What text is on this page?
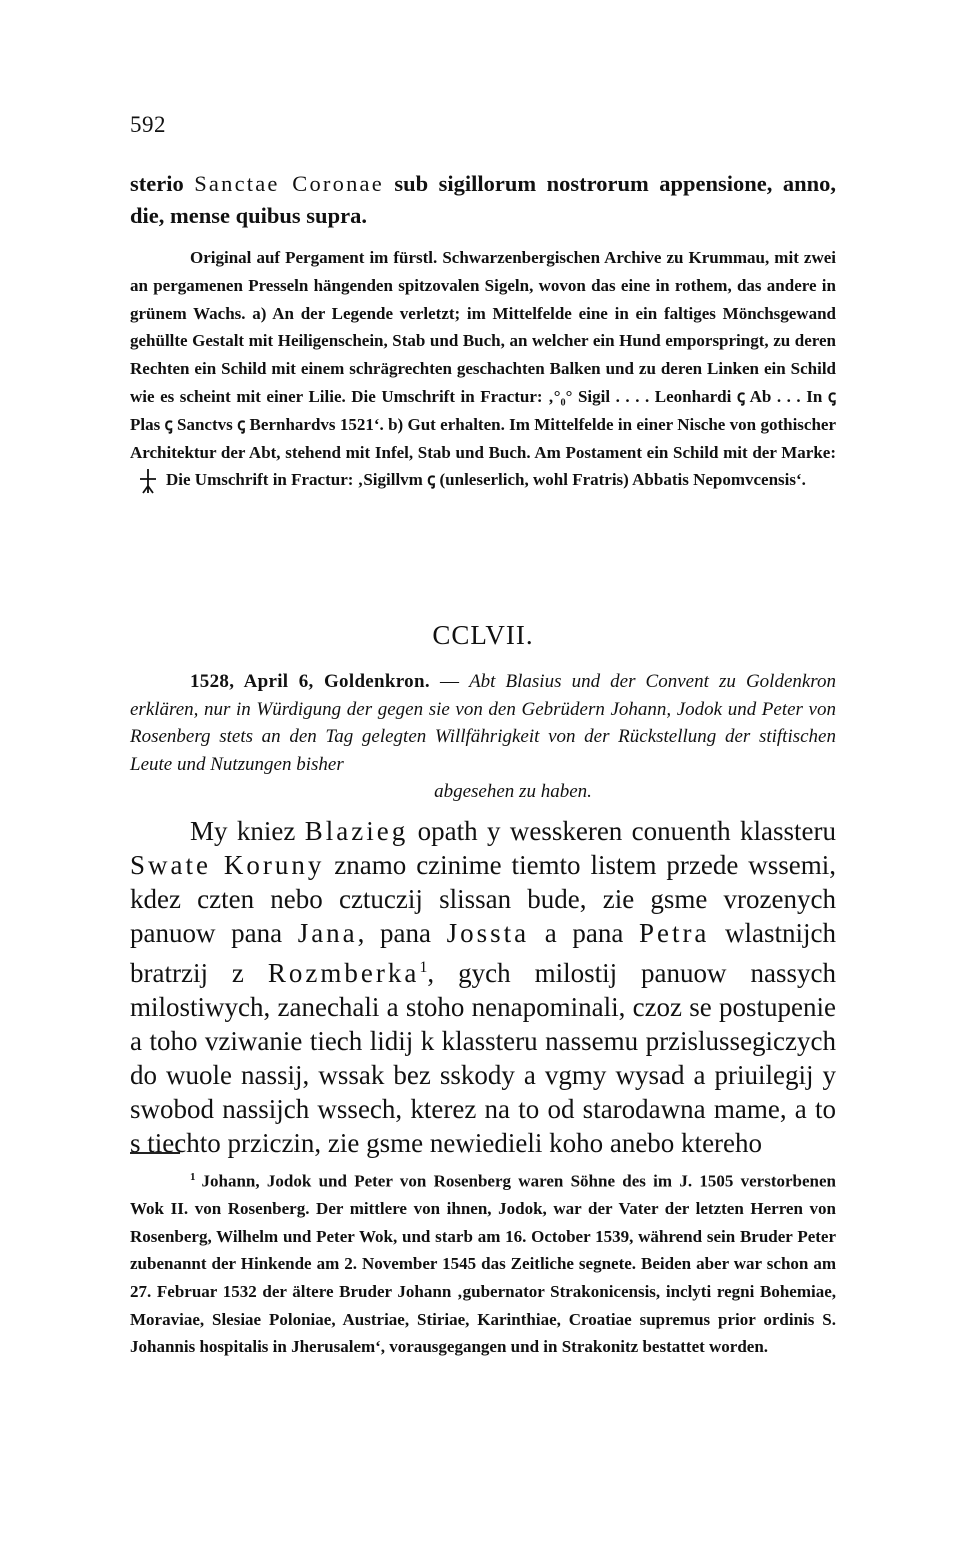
592
sterio Sanctae Coronae sub sigillorum nostrorum appensione, anno, die, mense quibus supra.
Original auf Pergament im fürstl. Schwarzenbergischen Archive zu Krummau, mit zwei an pergamenen Presseln hängenden spitzovalen Sigeln, wovon das eine in rothem, das andere in grünem Wachs. a) An der Legende verletzt; im Mittelfelde eine in ein faltiges Mönchsgewand gehüllte Gestalt mit Heiligenschein, Stab und Buch, an welcher ein Hund emporspringt, zu deren Rechten ein Schild mit einem schrägrechten geschachten Balken und zu deren Linken ein Schild wie es scheint mit einer Lilie. Die Umschrift in Fractur: ‚°₀° Sigil . . . . Leonhardi ꞔ Ab . . . In ꞔ Plas ꞔ Sanctvs ꞔ Bernhardvs 1521‘. b) Gut erhalten. Im Mittelfelde in einer Nische von gothischer Architektur der Abt, stehend mit Infel, Stab und Buch. Am Postament ein Schild mit der Marke:Die Umschrift in Fractur: ‚Sigillvm ꞔ (unleserlich, wohl Fratris) Abbatis Nepomvcensis‘.
CCLVII.
1528, April 6, Goldenkron. — Abt Blasius und der Convent zu Goldenkron erklären, nur in Würdigung der gegen sie von den Gebrüdern Johann, Jodok und Peter von Rosenberg stets an den Tag gelegten Willfährigkeit von der Rückstellung der stiftischen Leute und Nutzungen bisher
abgesehen zu haben.
My kniez Blazieg opath y wesskeren conuenth klassteru Swate Koruny znamo czinime tiemto listem przede wssemi, kdez czten nebo cztuczij slissan bude, zie gsme vrozenych panuow pana Jana, pana Jossta a pana Petra wlastnijch bratrzij z Rozmberka$^1$, gych milostij panuow nassych milostiwych, zanechali a stoho nenapominali, czoz se postupenie a toho vziwanie tiech lidij k klassteru nassemu przislussegiczych do wuole nassij, wssak bez sskody a vgmy wysad a priuilegij y swobod nassijch wssech, kterez na to od starodawna mame, a to s tiechto prziczin, zie gsme newiedieli koho anebo ktereho
$^1$ Johann, Jodok und Peter von Rosenberg waren Söhne des im J. 1505 verstorbenen Wok II. von Rosenberg. Der mittlere von ihnen, Jodok, war der Vater der letzten Herren von Rosenberg, Wilhelm und Peter Wok, und starb am 16. October 1539, während sein Bruder Peter zubenannt der Hinkende am 2. November 1545 das Zeitliche segnete. Beiden aber war schon am 27. Februar 1532 der ältere Bruder Johann ‚gubernator Strakonicensis, inclyti regni Bohemiae, Moraviae, Slesiae Poloniae, Austriae, Stiriae, Karinthiae, Croatiae supremus prior ordinis S. Johannis hospitalis in Jherusalem‘, vorausgegangen und in Strakonitz bestattet worden.
